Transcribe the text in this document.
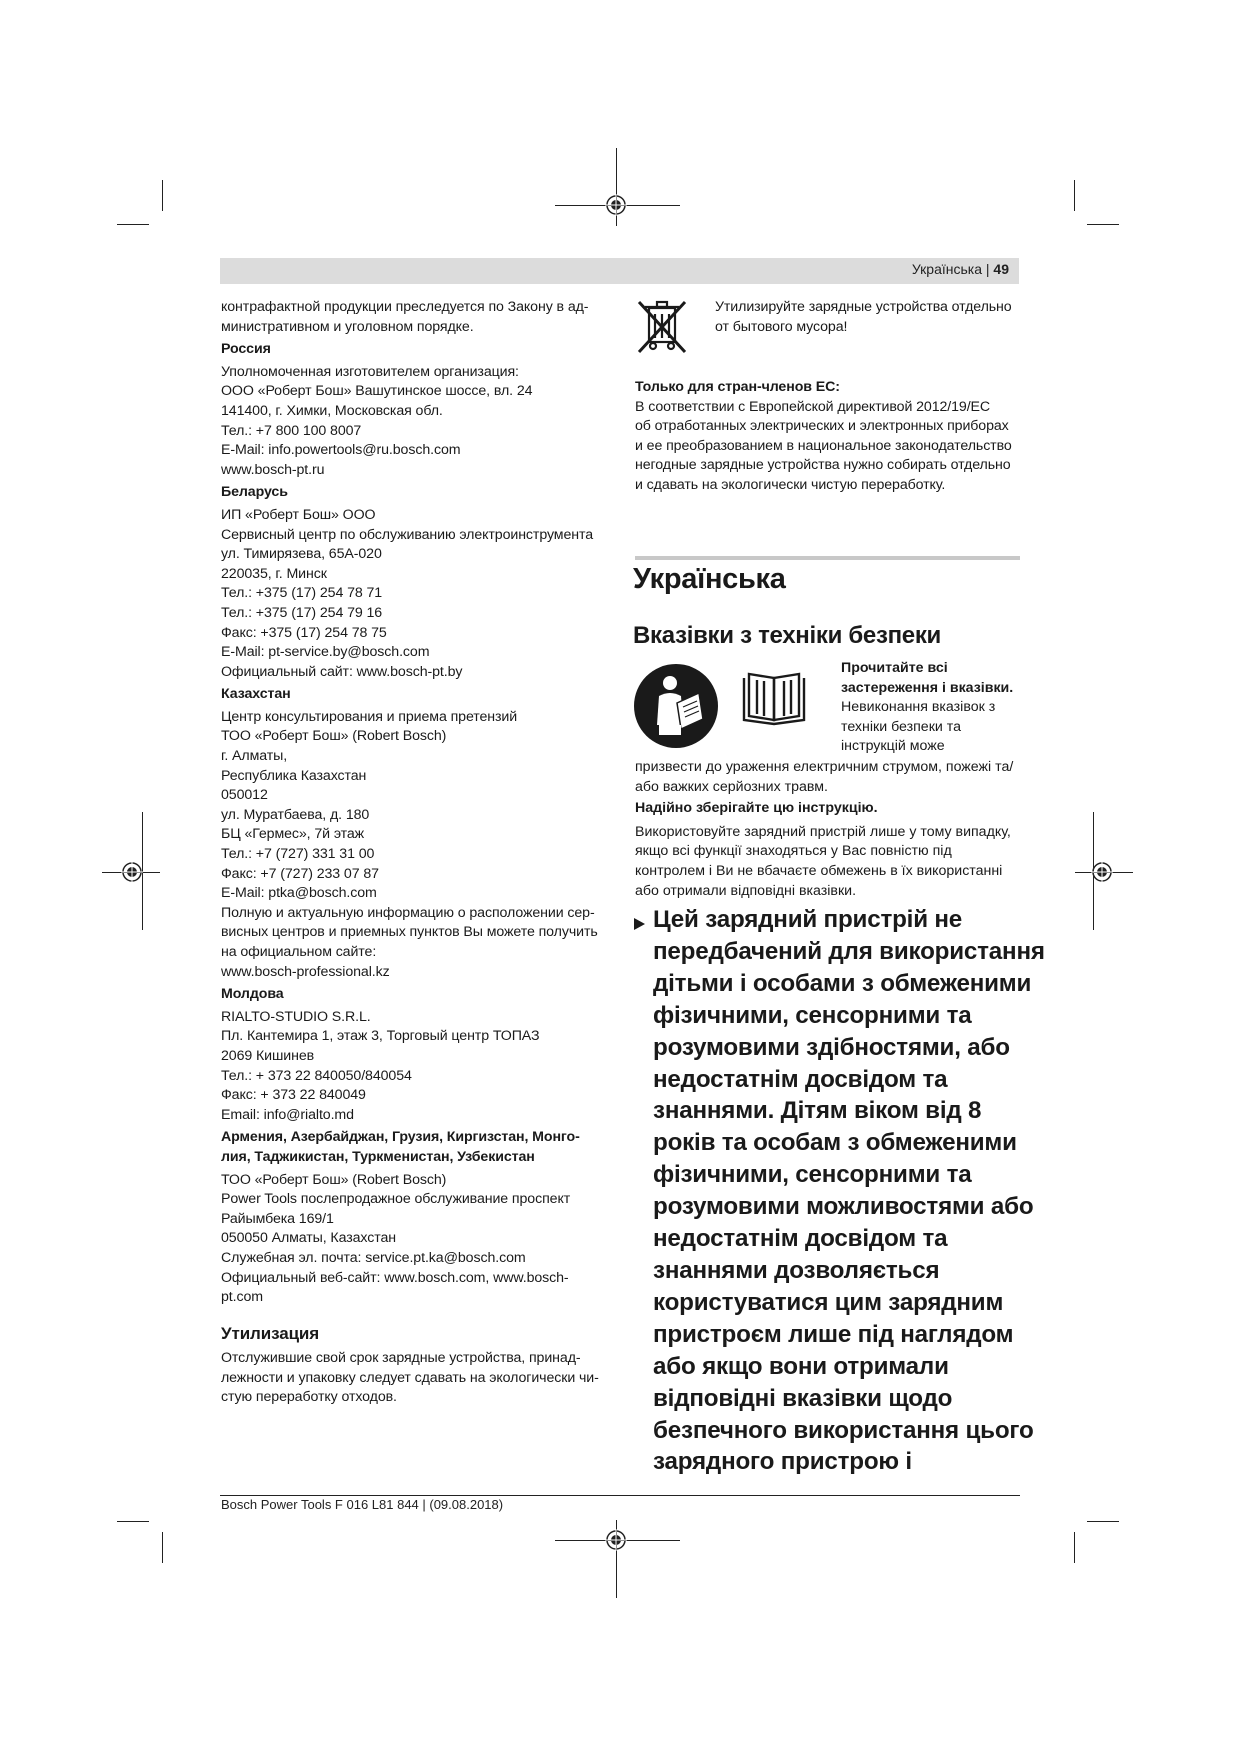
Українська | 49
контрафактной продукции преследуется по Закону в ад-
министративном и уголовном порядке.
Россия
Уполномоченная изготовителем организация:
ООО «Роберт Бош» Вашутинское шоссе, вл. 24
141400, г. Химки, Московская обл.
Тел.: +7 800 100 8007
E-Mail: info.powertools@ru.bosch.com
www.bosch-pt.ru
Беларусь
ИП «Роберт Бош» ООО
Сервисный центр по обслуживанию электроинструмента
ул. Тимирязева, 65А-020
220035, г. Минск
Тел.: +375 (17) 254 78 71
Тел.: +375 (17) 254 79 16
Факс: +375 (17) 254 78 75
E-Mail: pt-service.by@bosch.com
Официальный сайт: www.bosch-pt.by
Казахстан
Центр консультирования и приема претензий
ТОО «Роберт Бош» (Robert Bosch)
г. Алматы,
Республика Казахстан
050012
ул. Муратбаева, д. 180
БЦ «Гермес», 7й этаж
Тел.: +7 (727) 331 31 00
Факс: +7 (727) 233 07 87
E-Mail: ptka@bosch.com
Полную и актуальную информацию о расположении сер-
висных центров и приемных пунктов Вы можете получить
на официальном сайте:
www.bosch-professional.kz
Молдова
RIALTO-STUDIO S.R.L.
Пл. Кантемира 1, этаж 3, Торговый центр ТОПАЗ
2069 Кишинев
Тел.: + 373 22 840050/840054
Факс: + 373 22 840049
Email: info@rialto.md
Армения, Азербайджан, Грузия, Киргизстан, Монго-
лия, Таджикистан, Туркменистан, Узбекистан
ТОО «Роберт Бош» (Robert Bosch)
Power Tools послепродажное обслуживание проспект
Райымбека 169/1
050050 Алматы, Казахстан
Служебная эл. почта: service.pt.ka@bosch.com
Официальный веб-сайт: www.bosch.com, www.bosch-
pt.com
Утилизация
Отслужившие свой срок зарядные устройства, принад-
лежности и упаковку следует сдавать на экологически чи-
стую переработку отходов.
Утилизируйте зарядные устройства отдельно
от бытового мусора!
Только для стран-членов ЕС:
В соответствии с Европейской директивой 2012/19/EC
об отработанных электрических и электронных приборах
и ее преобразованием в национальное законодательство
негодные зарядные устройства нужно собирать отдельно
и сдавать на экологически чистую переработку.
Українська
Вказівки з техніки безпеки
Прочитайте всі
застереження і вказівки.
Невиконання вказівок з
техніки безпеки та
інструкцій може
призвести до ураження електричним струмом, пожежі та/
або важких серйозних травм.
Надійно зберігайте цю інструкцію.
Використовуйте зарядний пристрій лише у тому випадку,
якщо всі функції знаходяться у Вас повністю під
контролем і Ви не вбачаєте обмежень в їх використанні
або отримали відповідні вказівки.
Цей зарядний пристрій не
передбачений для використання
дітьми і особами з обмеженими
фізичними, сенсорними та
розумовими здібностями, або
недостатнім досвідом та
знаннями. Дітям віком від 8
років та особам з обмеженими
фізичними, сенсорними та
розумовими можливостями або
недостатнім досвідом та
знаннями дозволяється
користуватися цим зарядним
пристроєм лише під наглядом
або якщо вони отримали
відповідні вказівки щодо
безпечного використання цього
зарядного пристрою і
Bosch Power Tools F 016 L81 844 | (09.08.2018)
